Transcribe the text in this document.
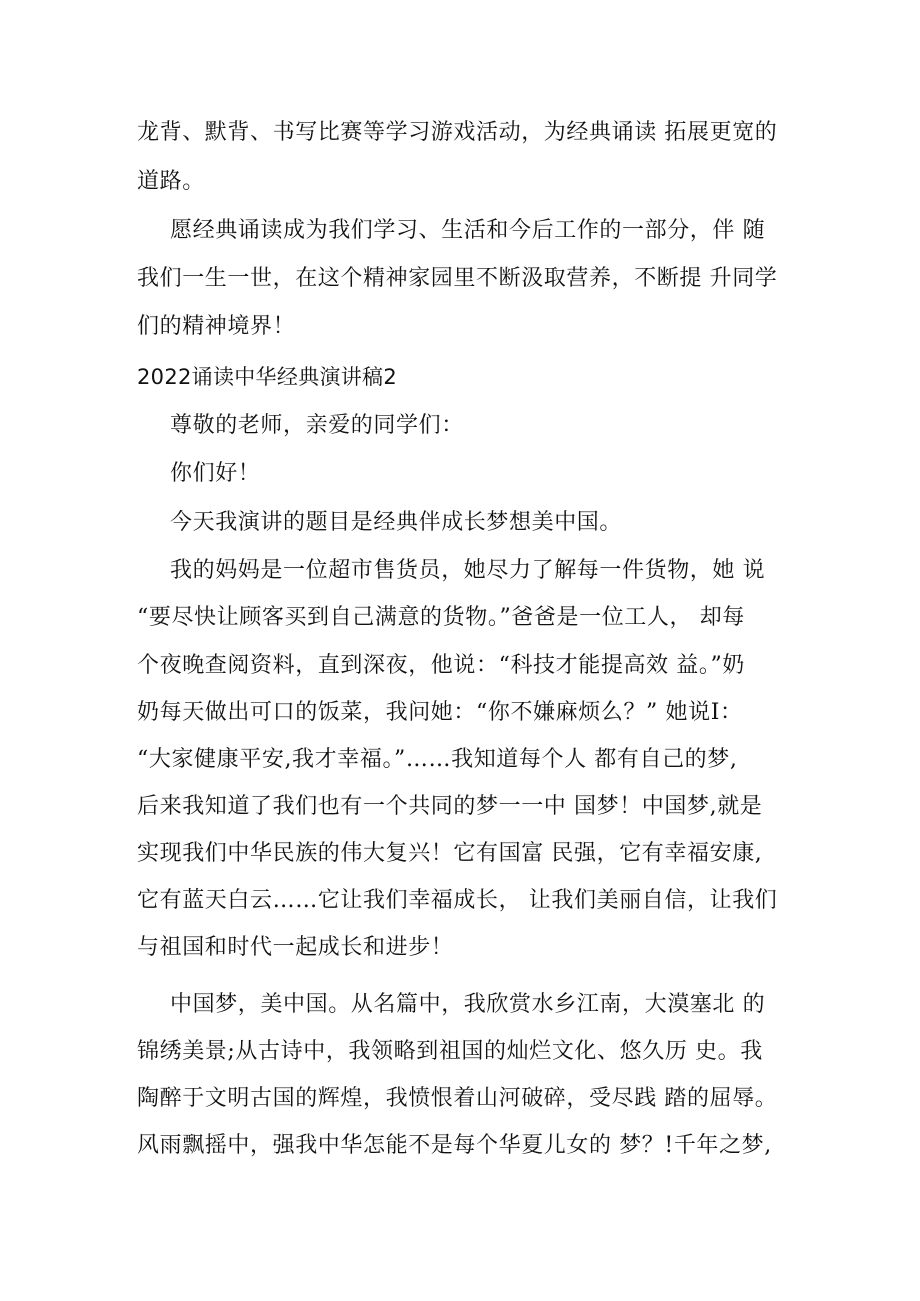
龙背、默背、书写比赛等学习游戏活动，为经典诵读 拓展更宽的
道路。
愿经典诵读成为我们学习、生活和今后工作的一部分，伴 随
我们一生一世，在这个精神家园里不断汲取营养，不断提 升同学
们的精神境界！
2022诵读中华经典演讲稿2
尊敬的老师，亲爱的同学们：
你们好！
今天我演讲的题目是经典伴成长梦想美中国。
我的妈妈是一位超市售货员，她尽力了解每一件货物，她 说
“要尽快让顾客买到自己满意的货物。”爸爸是一位工人， 却每
个夜晚查阅资料，直到深夜，他说：“科技才能提高效 益。”奶
奶每天做出可口的饭菜，我问她：“你不嫌麻烦么？” 她说I：
“大家健康平安,我才幸福。”……我知道每个人 都有自己的梦,
后来我知道了我们也有一个共同的梦一一中 国梦！中国梦,就是
实现我们中华民族的伟大复兴！它有国富 民强，它有幸福安康,
它有蓝天白云……它让我们幸福成长， 让我们美丽自信，让我们
与祖国和时代一起成长和进步！
中国梦，美中国。从名篇中，我欣赏水乡江南，大漠塞北 的
锦绣美景;从古诗中，我领略到祖国的灿烂文化、悠久历 史。我
陶醉于文明古国的辉煌，我愤恨着山河破碎，受尽践 踏的屈辱。
风雨飘摇中，强我中华怎能不是每个华夏儿女的 梦？!千年之梦,
